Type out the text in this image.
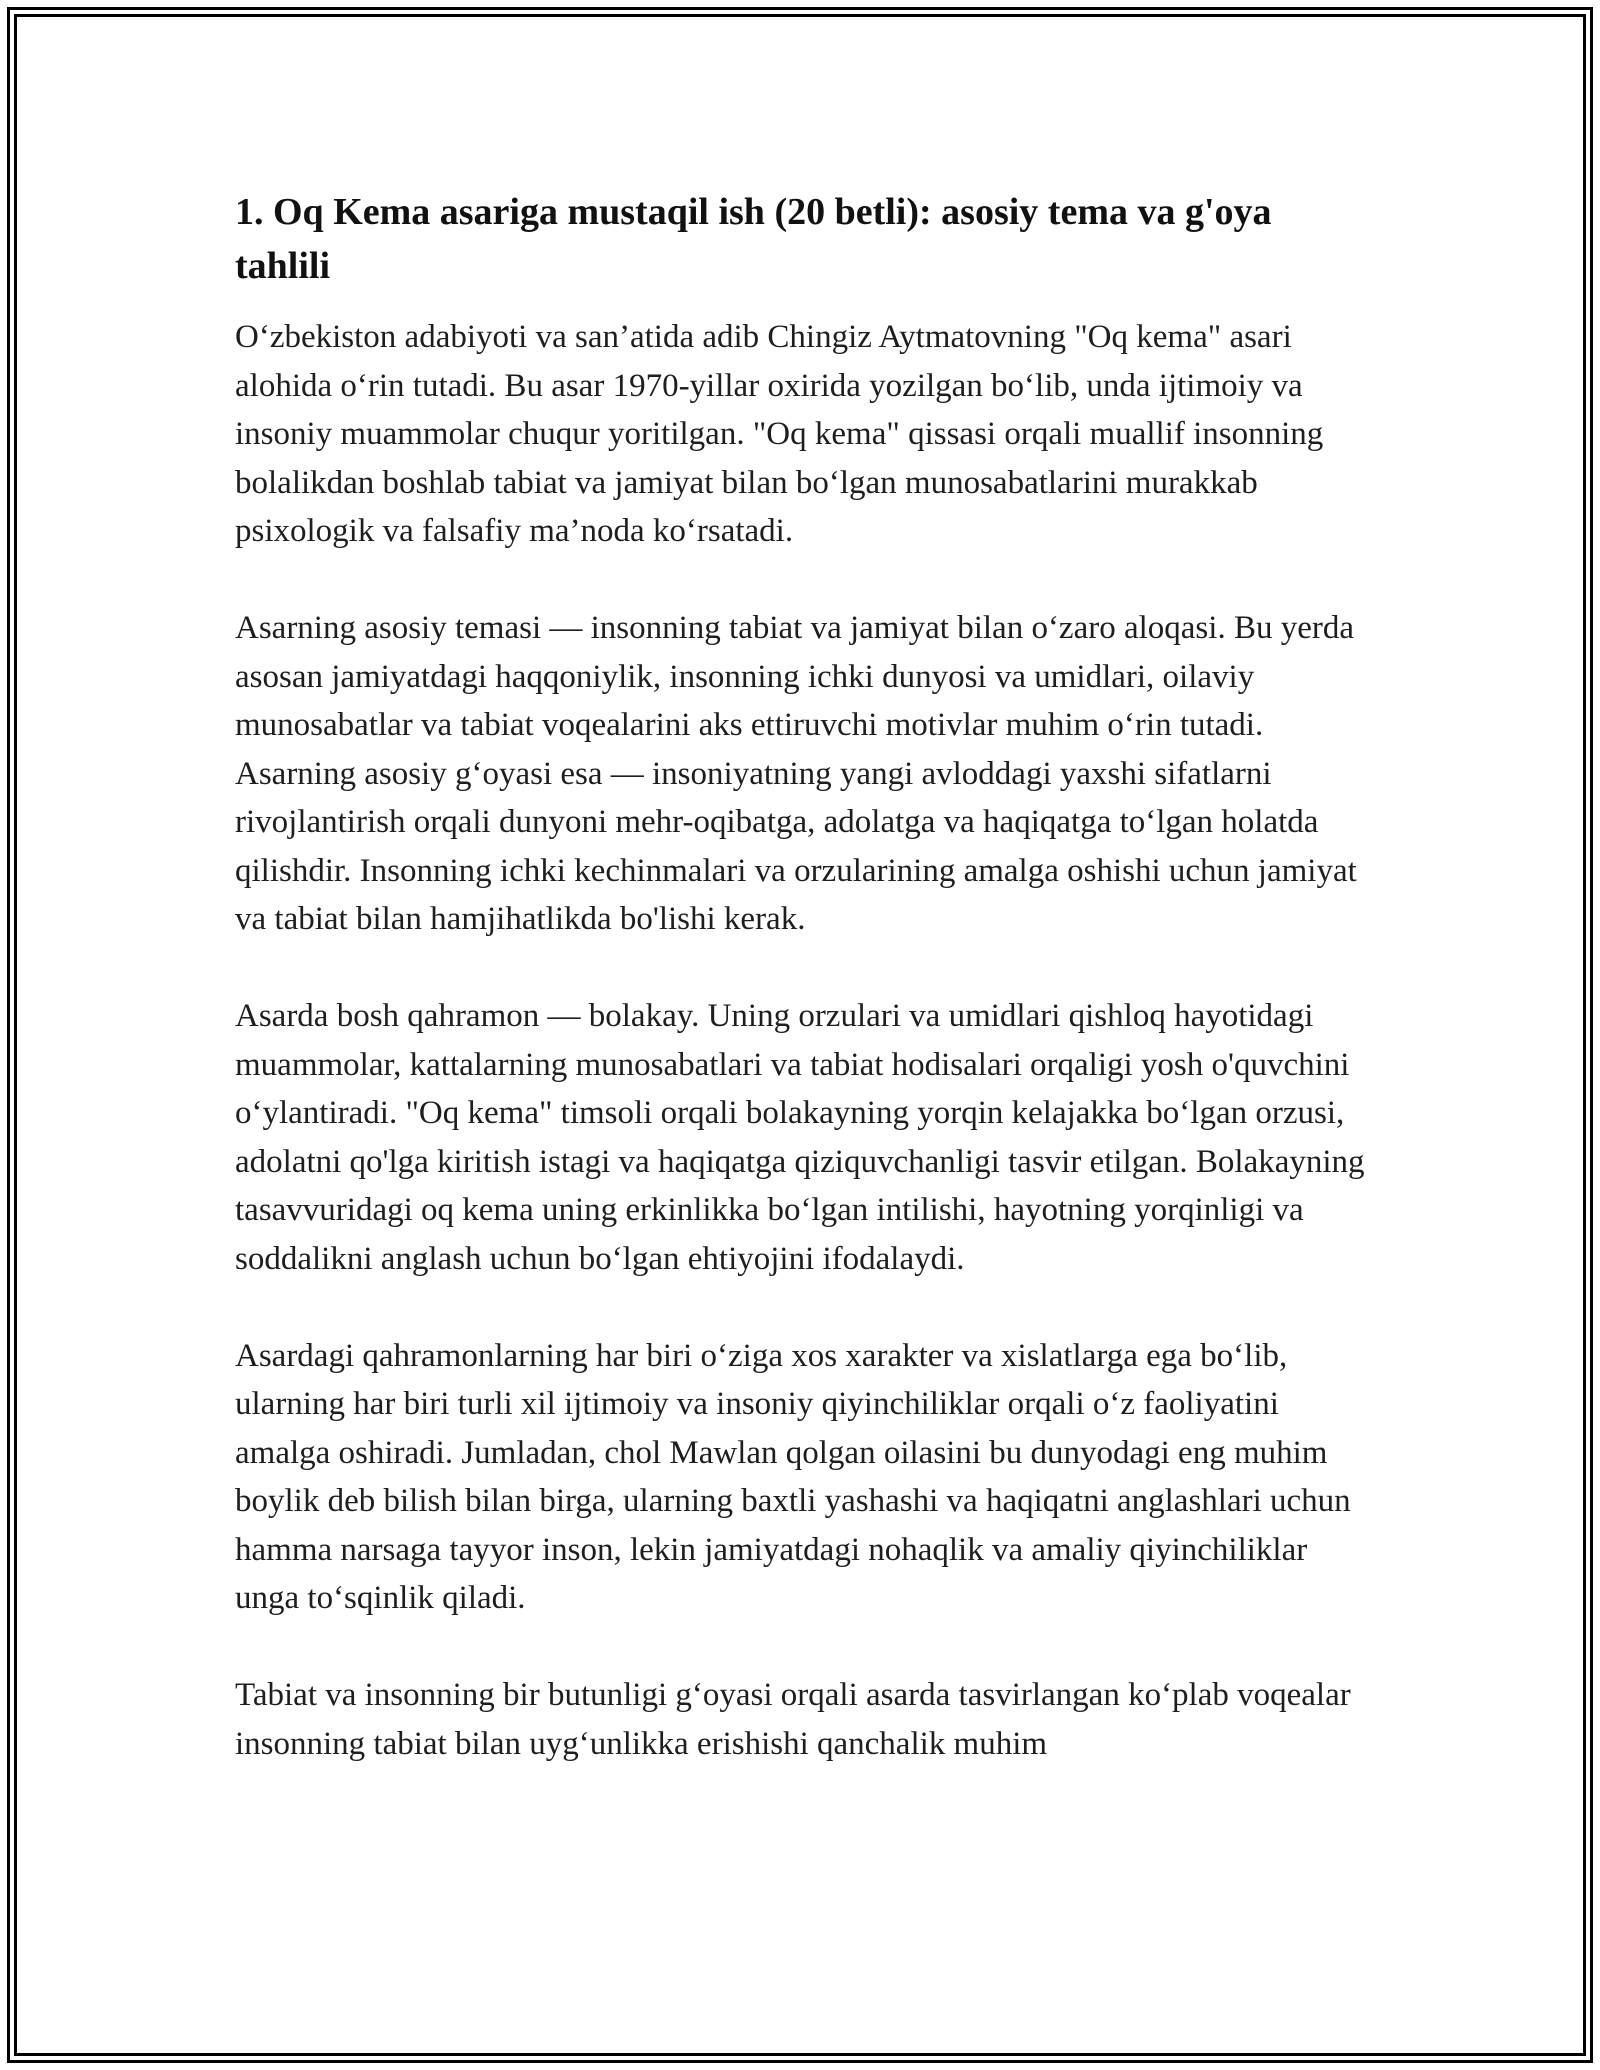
1. Oq Kema asariga mustaqil ish (20 betli): asosiy tema va g'oya tahlili

O‘zbekiston adabiyoti va san’atida adib Chingiz Aytmatovning "Oq kema" asari alohida o‘rin tutadi. Bu asar 1970-yillar oxirida yozilgan bo‘lib, unda ijtimoiy va insoniy muammolar chuqur yoritilgan. "Oq kema" qissasi orqali muallif insonning bolalikdan boshlab tabiat va jamiyat bilan bo‘lgan munosabatlarini murakkab psixologik va falsafiy ma’noda ko‘rsatadi.

Asarning asosiy temasi — insonning tabiat va jamiyat bilan o‘zaro aloqasi. Bu yerda asosan jamiyatdagi haqqoniylik, insonning ichki dunyosi va umidlari, oilaviy munosabatlar va tabiat voqealarini aks ettiruvchi motivlar muhim o‘rin tutadi. Asarning asosiy g‘oyasi esa — insoniyatning yangi avloddagi yaxshi sifatlarni rivojlantirish orqali dunyoni mehr-oqibatga, adolatga va haqiqatga to‘lgan holatda qilishdir. Insonning ichki kechinmalari va orzularining amalga oshishi uchun jamiyat va tabiat bilan hamjihatlikda bo'lishi kerak.

Asarda bosh qahramon — bolakay. Uning orzulari va umidlari qishloq hayotidagi muammolar, kattalarning munosabatlari va tabiat hodisalari orqaligi yosh o'quvchini o‘ylantiradi. "Oq kema" timsoli orqali bolakayning yorqin kelajakka bo‘lgan orzusi, adolatni qo'lga kiritish istagi va haqiqatga qiziquvchanligi tasvir etilgan. Bolakayning tasavvuridagi oq kema uning erkinlikka bo‘lgan intilishi, hayotning yorqinligi va soddalikni anglash uchun bo‘lgan ehtiyojini ifodalaydi.

Asardagi qahramonlarning har biri o‘ziga xos xarakter va xislatlarga ega bo‘lib, ularning har biri turli xil ijtimoiy va insoniy qiyinchiliklar orqali o‘z faoliyatini amalga oshiradi. Jumladan, chol Mawlan qolgan oilasini bu dunyodagi eng muhim boylik deb bilish bilan birga, ularning baxtli yashashi va haqiqatni anglashlari uchun hamma narsaga tayyor inson, lekin jamiyatdagi nohaqlik va amaliy qiyinchiliklar unga to‘sqinlik qiladi.

Tabiat va insonning bir butunligi g‘oyasi orqali asarda tasvirlangan ko‘plab voqealar insonning tabiat bilan uyg‘unlikka erishishi qanchalik muhim
